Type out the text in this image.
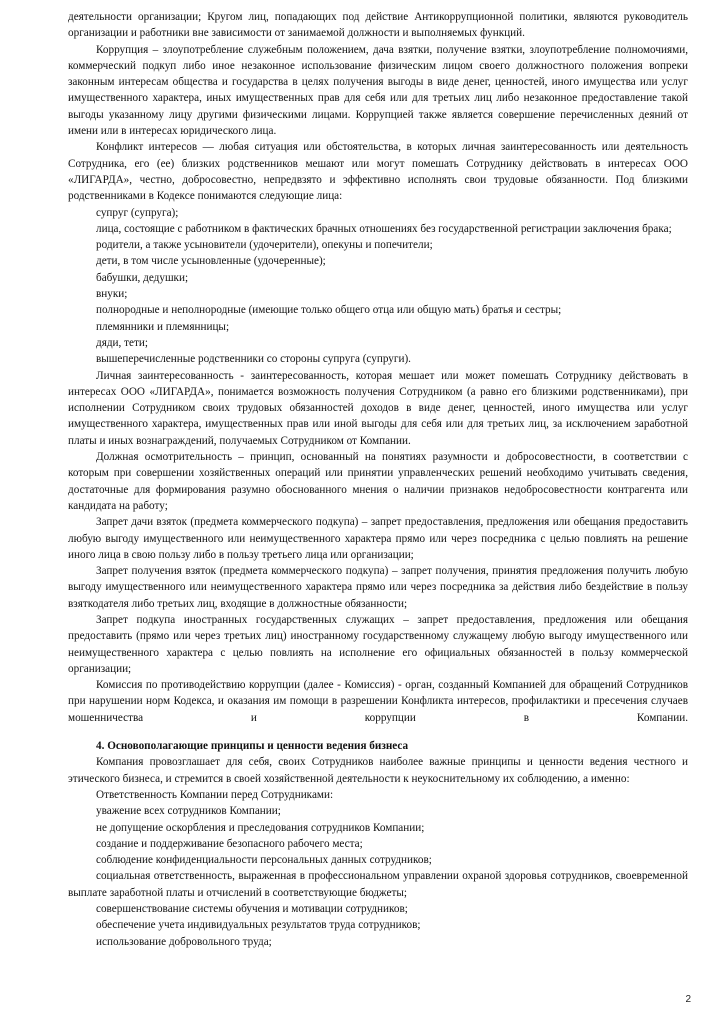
деятельности организации; Кругом лиц, попадающих под действие Антикоррупционной политики, являются руководитель организации и работники вне зависимости от занимаемой должности и выполняемых функций.

Коррупция – злоупотребление служебным положением, дача взятки, получение взятки, злоупотребление полномочиями, коммерческий подкуп либо иное незаконное использование физическим лицом своего должностного положения вопреки законным интересам общества и государства в целях получения выгоды в виде денег, ценностей, иного имущества или услуг имущественного характера, иных имущественных прав для себя или для третьих лиц либо незаконное предоставление такой выгоды указанному лицу другими физическими лицами. Коррупцией также является совершение перечисленных деяний от имени или в интересах юридического лица.

Конфликт интересов — любая ситуация или обстоятельства, в которых личная заинтересованность или деятельность Сотрудника, его (ее) близких родственников мешают или могут помешать Сотруднику действовать в интересах ООО «ЛИГАРДА», честно, добросовестно, непредвзято и эффективно исполнять свои трудовые обязанности. Под близкими родственниками в Кодексе понимаются следующие лица:

супруг (супруга);

лица, состоящие с работником в фактических брачных отношениях без государственной регистрации заключения брака;

родители, а также усыновители (удочерители), опекуны и попечители;

дети, в том числе усыновленные (удочеренные);

бабушки, дедушки;

внуки;

полнородные и неполнородные (имеющие только общего отца или общую мать) братья и сестры;

племянники и племянницы;

дяди, тети;

вышеперечисленные родственники со стороны супруга (супруги).

Личная заинтересованность - заинтересованность, которая мешает или может помешать Сотруднику действовать в интересах ООО «ЛИГАРДА», понимается возможность получения Сотрудником (а равно его близкими родственниками), при исполнении Сотрудником своих трудовых обязанностей доходов в виде денег, ценностей, иного имущества или услуг имущественного характера, имущественных прав или иной выгоды для себя или для третьих лиц, за исключением заработной платы и иных вознаграждений, получаемых Сотрудником от Компании.

Должная осмотрительность – принцип, основанный на понятиях разумности и добросовестности, в соответствии с которым при совершении хозяйственных операций или принятии управленческих решений необходимо учитывать сведения, достаточные для формирования разумно обоснованного мнения о наличии признаков недобросовестности контрагента или кандидата на работу;

Запрет дачи взяток (предмета коммерческого подкупа) – запрет предоставления, предложения или обещания предоставить любую выгоду имущественного или неимущественного характера прямо или через посредника с целью повлиять на решение иного лица в свою пользу либо в пользу третьего лица или организации;

Запрет получения взяток (предмета коммерческого подкупа) – запрет получения, принятия предложения получить любую выгоду имущественного или неимущественного характера прямо или через посредника за действия либо бездействие в пользу взяткодателя либо третьих лиц, входящие в должностные обязанности;

Запрет подкупа иностранных государственных служащих – запрет предоставления, предложения или обещания предоставить (прямо или через третьих лиц) иностранному государственному служащему любую выгоду имущественного или неимущественного характера с целью повлиять на исполнение его официальных обязанностей в пользу коммерческой организации;

Комиссия по противодействию коррупции (далее - Комиссия) - орган, созданный Компанией для обращений Сотрудников при нарушении норм Кодекса, и оказания им помощи в разрешении Конфликта интересов, профилактики и пресечения случаев мошенничества и коррупции в Компании.

4. Основополагающие принципы и ценности ведения бизнеса

Компания провозглашает для себя, своих Сотрудников наиболее важные принципы и ценности ведения честного и этического бизнеса, и стремится в своей хозяйственной деятельности к неукоснительному их соблюдению, а именно:

Ответственность Компании перед Сотрудниками:

уважение всех сотрудников Компании;

не допущение оскорбления и преследования сотрудников Компании;

создание и поддерживание безопасного рабочего места;

соблюдение конфиденциальности персональных данных сотрудников;

социальная ответственность, выраженная в профессиональном управлении охраной здоровья сотрудников, своевременной выплате заработной платы и отчислений в соответствующие бюджеты;

совершенствование системы обучения и мотивации сотрудников;

обеспечение учета индивидуальных результатов труда сотрудников;

использование добровольного труда;

2
